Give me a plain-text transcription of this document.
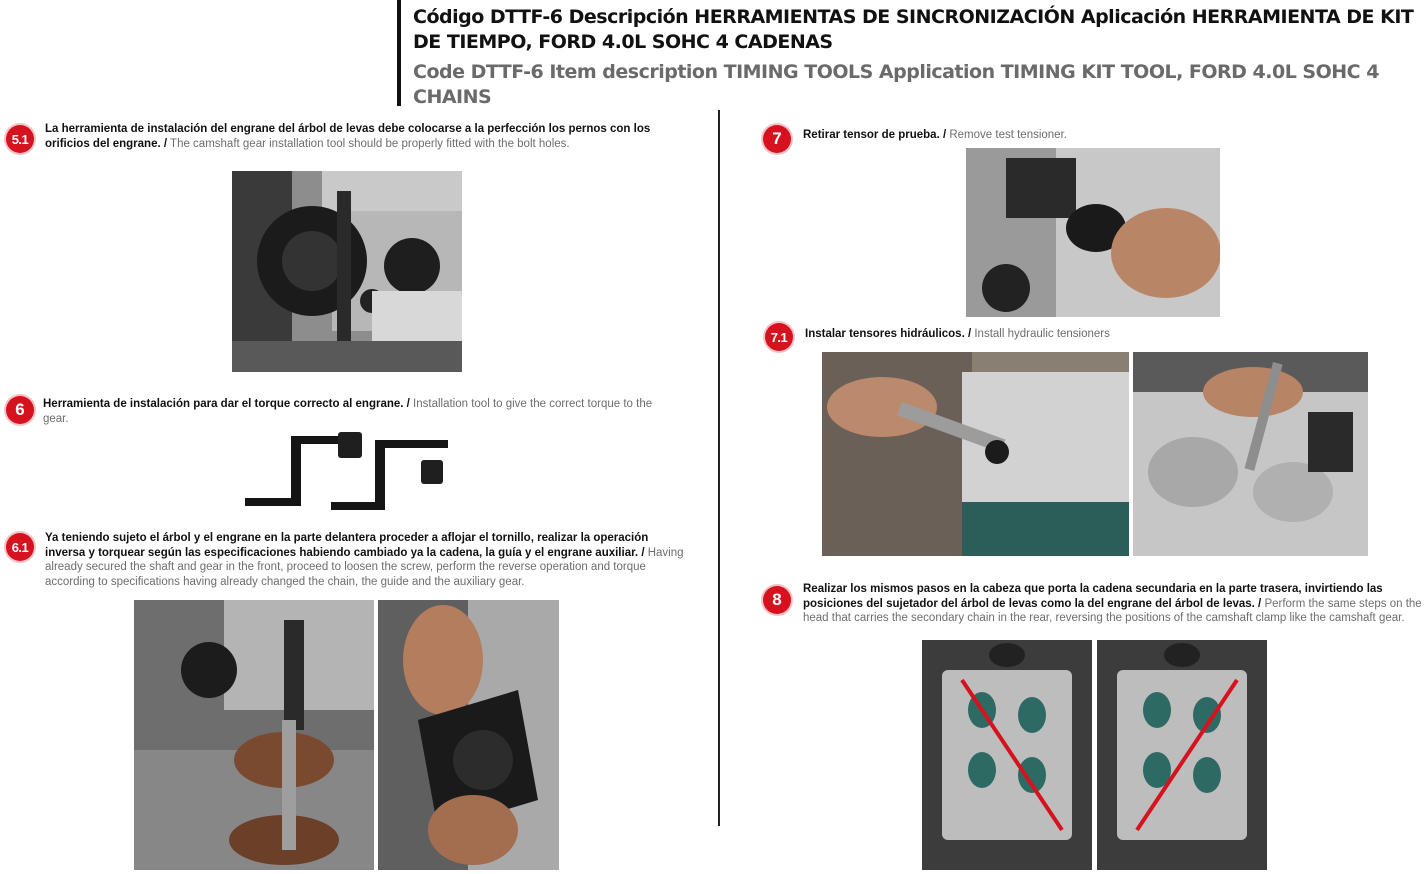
Código DTTF-6 Descripción HERRAMIENTAS DE SINCRONIZACIÓN Aplicación HERRAMIENTA DE KIT DE TIEMPO, FORD 4.0L SOHC 4 CADENAS
Code DTTF-6 Item description TIMING TOOLS Application TIMING KIT TOOL, FORD 4.0L SOHC 4 CHAINS
5.1
La herramienta de instalación del engrane del árbol de levas debe colocarse a la perfección los pernos con los orificios del engrane. / The camshaft gear installation tool should be properly fitted with the bolt holes.
6	Herramienta de instalación para dar el torque correcto al engrane. / Installation tool to give the correct torque to the gear.
6.1
Ya teniendo sujeto el árbol y el engrane en la parte delantera proceder a aflojar el tornillo, realizar la operación inversa y torquear según las especificaciones habiendo cambiado ya la cadena, la guía y el engrane auxiliar. / Having already secured the shaft and gear in the front, proceed to loosen the screw, perform the reverse operation and torque according to specifications having already changed the chain, the guide and the auxiliary gear.
7	Retirar tensor de prueba. / Remove test tensioner.
7.1	Instalar tensores hidráulicos. / Install hydraulic tensioners
8
Realizar los mismos pasos en la cabeza que porta la cadena secundaria en la parte trasera, invirtiendo las posiciones del sujetador del árbol de levas como la del engrane del árbol de levas. / Perform the same steps on the head that carries the secondary chain in the rear, reversing the positions of the camshaft clamp like the camshaft gear.
